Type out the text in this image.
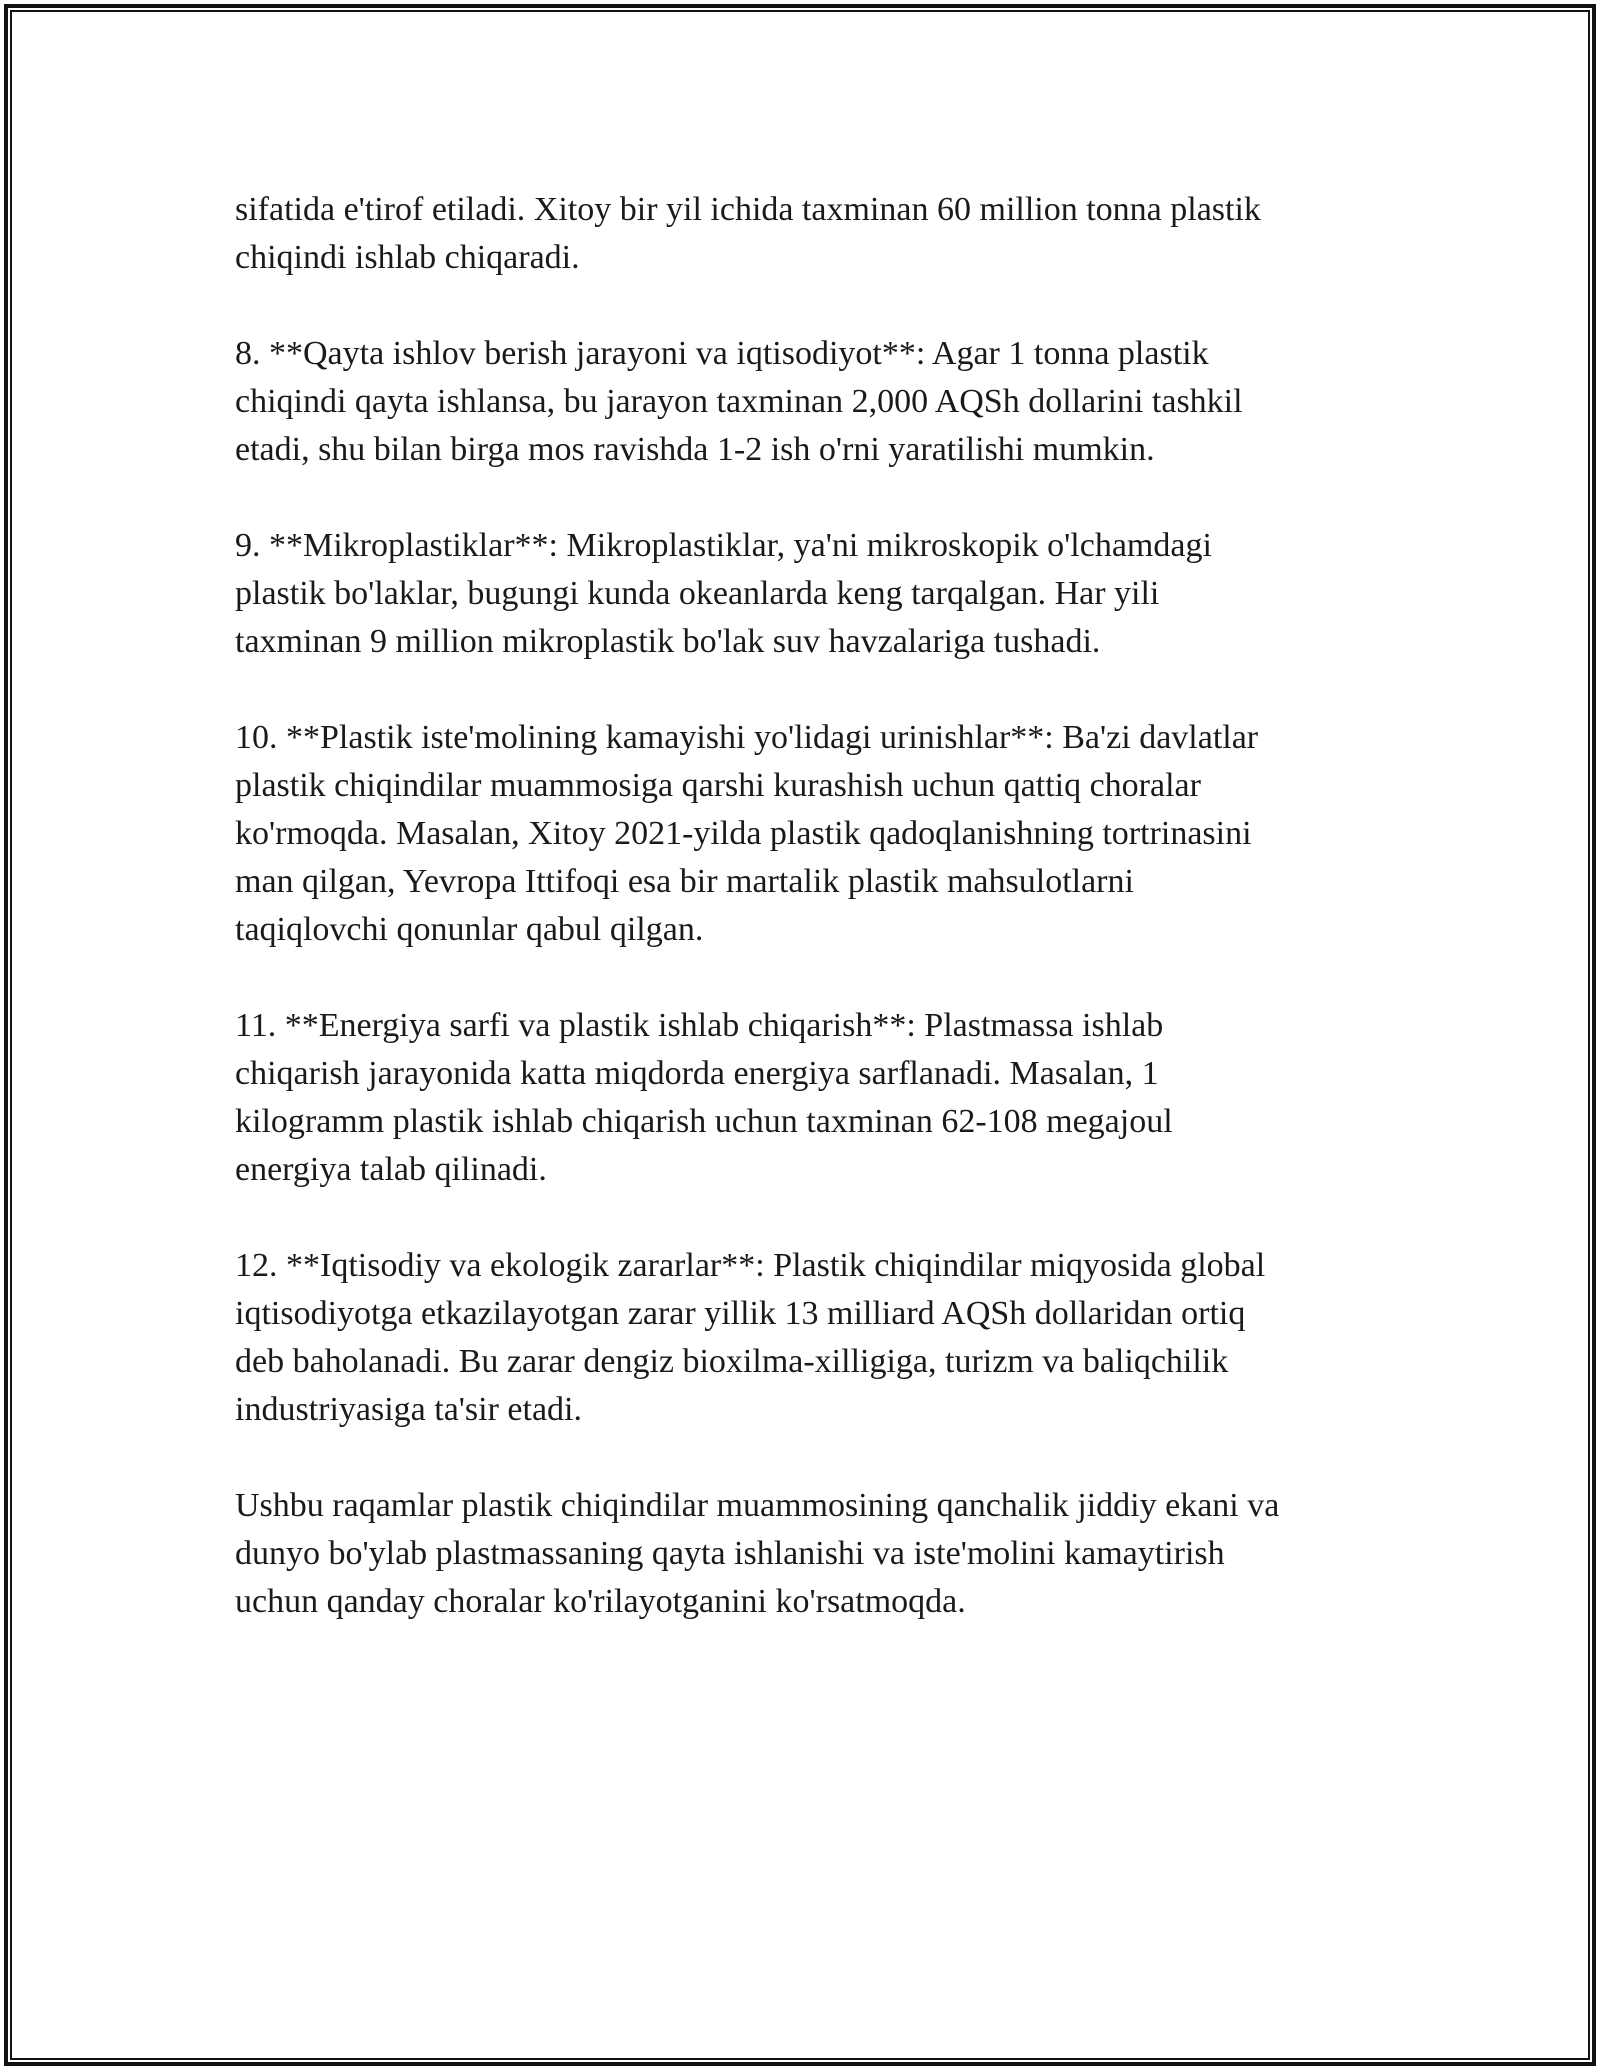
sifatida e'tirof etiladi. Xitoy bir yil ichida taxminan 60 million tonna plastik
chiqindi ishlab chiqaradi.

8. **Qayta ishlov berish jarayoni va iqtisodiyot**: Agar 1 tonna plastik
chiqindi qayta ishlansa, bu jarayon taxminan 2,000 AQSh dollarini tashkil
etadi, shu bilan birga mos ravishda 1-2 ish o'rni yaratilishi mumkin.

9. **Mikroplastiklar**: Mikroplastiklar, ya'ni mikroskopik o'lchamdagi
plastik bo'laklar, bugungi kunda okeanlarda keng tarqalgan. Har yili
taxminan 9 million mikroplastik bo'lak suv havzalariga tushadi.

10. **Plastik iste'molining kamayishi yo'lidagi urinishlar**: Ba'zi davlatlar
plastik chiqindilar muammosiga qarshi kurashish uchun qattiq choralar
ko'rmoqda. Masalan, Xitoy 2021-yilda plastik qadoqlanishning tortrinasini
man qilgan, Yevropa Ittifoqi esa bir martalik plastik mahsulotlarni
taqiqlovchi qonunlar qabul qilgan.

11. **Energiya sarfi va plastik ishlab chiqarish**: Plastmassa ishlab
chiqarish jarayonida katta miqdorda energiya sarflanadi. Masalan, 1
kilogramm plastik ishlab chiqarish uchun taxminan 62-108 megajoul
energiya talab qilinadi.

12. **Iqtisodiy va ekologik zararlar**: Plastik chiqindilar miqyosida global
iqtisodiyotga etkazilayotgan zarar yillik 13 milliard AQSh dollaridan ortiq
deb baholanadi. Bu zarar dengiz bioxilma-xilligiga, turizm va baliqchilik
industriyasiga ta'sir etadi.

Ushbu raqamlar plastik chiqindilar muammosining qanchalik jiddiy ekani va
dunyo bo'ylab plastmassaning qayta ishlanishi va iste'molini kamaytirish
uchun qanday choralar ko'rilayotganini ko'rsatmoqda.
